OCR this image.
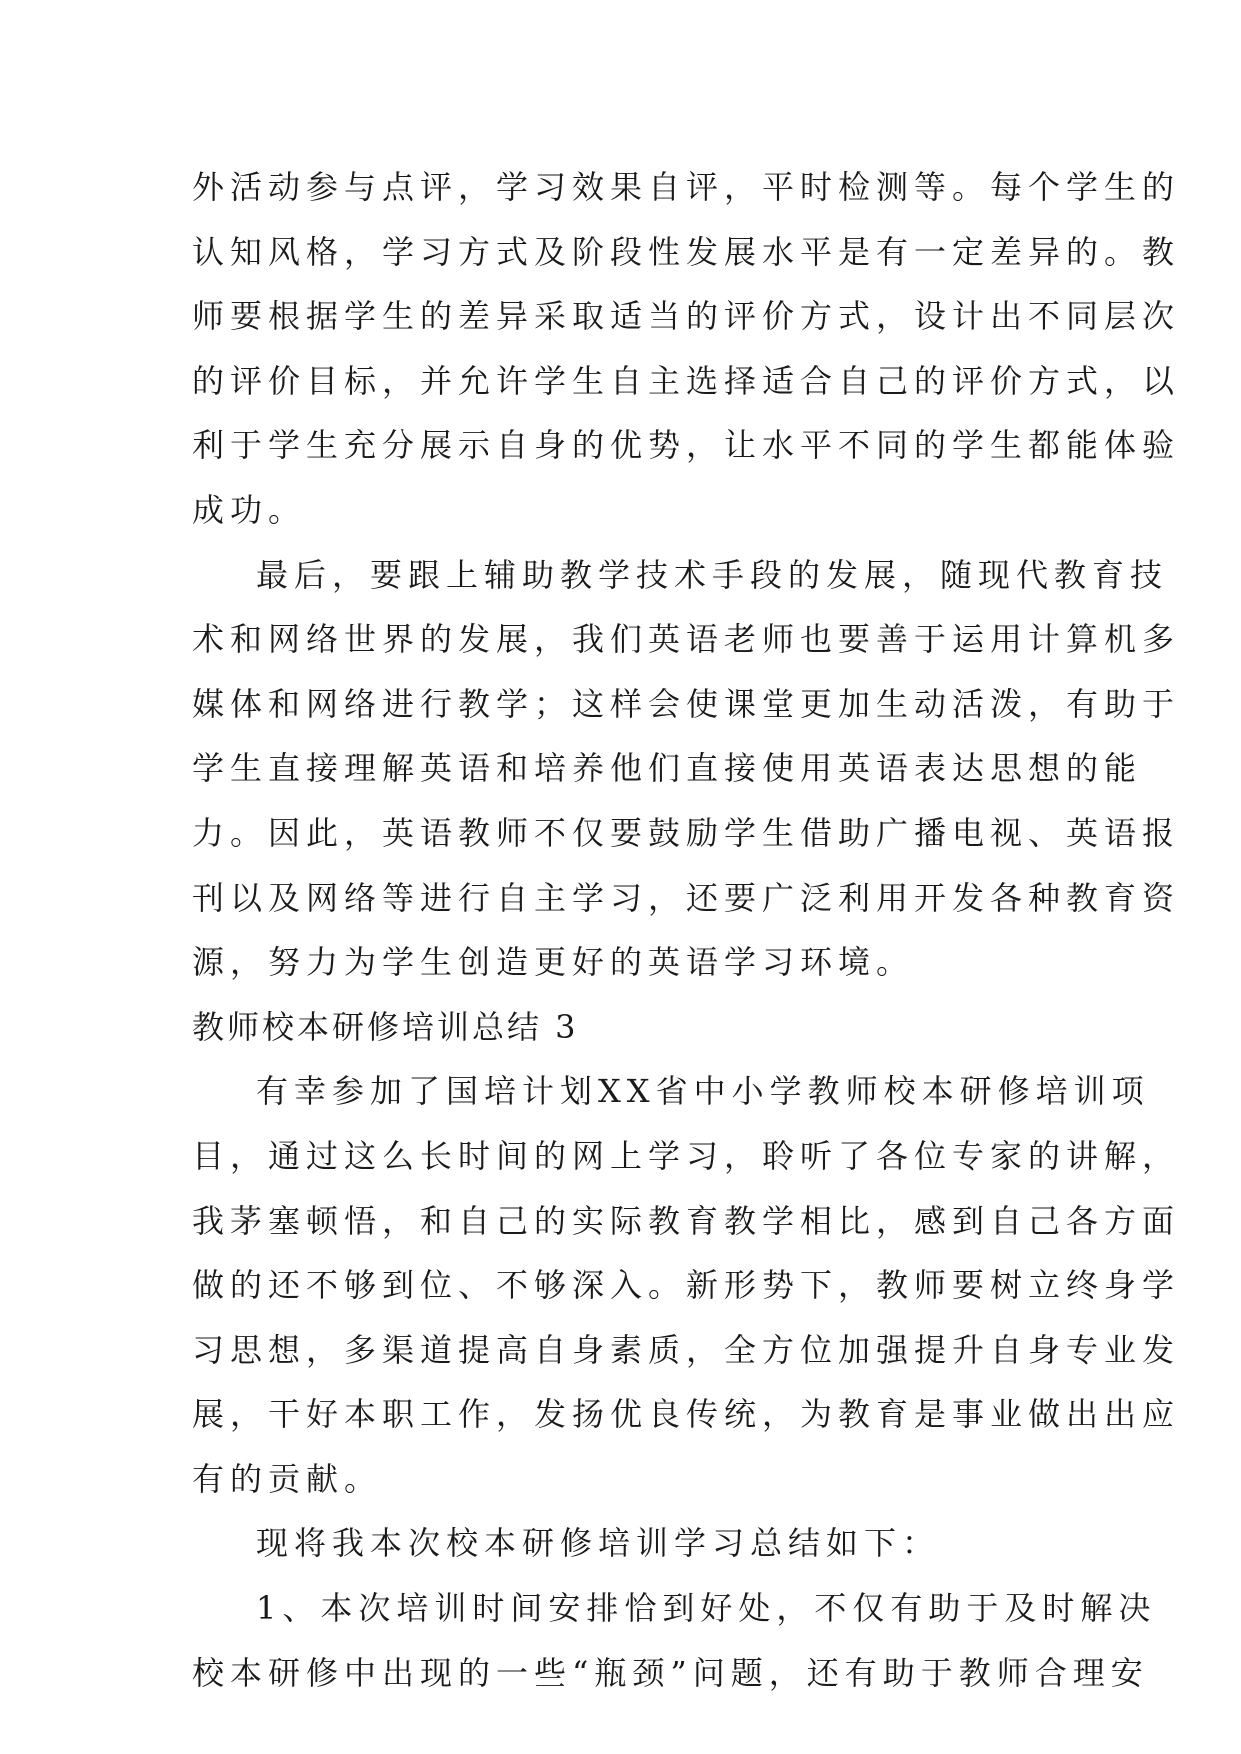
外活动参与点评，学习效果自评，平时检测等。每个学生的
认知风格，学习方式及阶段性发展水平是有一定差异的。教
师要根据学生的差异采取适当的评价方式，设计出不同层次
的评价目标，并允许学生自主选择适合自己的评价方式，以
利于学生充分展示自身的优势，让水平不同的学生都能体验
成功。
最后，要跟上辅助教学技术手段的发展，随现代教育技
术和网络世界的发展，我们英语老师也要善于运用计算机多
媒体和网络进行教学；这样会使课堂更加生动活泼，有助于
学生直接理解英语和培养他们直接使用英语表达思想的能
力。因此，英语教师不仅要鼓励学生借助广播电视、英语报
刊以及网络等进行自主学习，还要广泛利用开发各种教育资
源，努力为学生创造更好的英语学习环境。
教师校本研修培训总结 3
有幸参加了国培计划XX省中小学教师校本研修培训项
目，通过这么长时间的网上学习，聆听了各位专家的讲解，
我茅塞顿悟，和自己的实际教育教学相比，感到自己各方面
做的还不够到位、不够深入。新形势下，教师要树立终身学
习思想，多渠道提高自身素质，全方位加强提升自身专业发
展，干好本职工作，发扬优良传统，为教育是事业做出出应
有的贡献。
现将我本次校本研修培训学习总结如下：
1、本次培训时间安排恰到好处，不仅有助于及时解决
校本研修中出现的一些“瓶颈”问题，还有助于教师合理安
